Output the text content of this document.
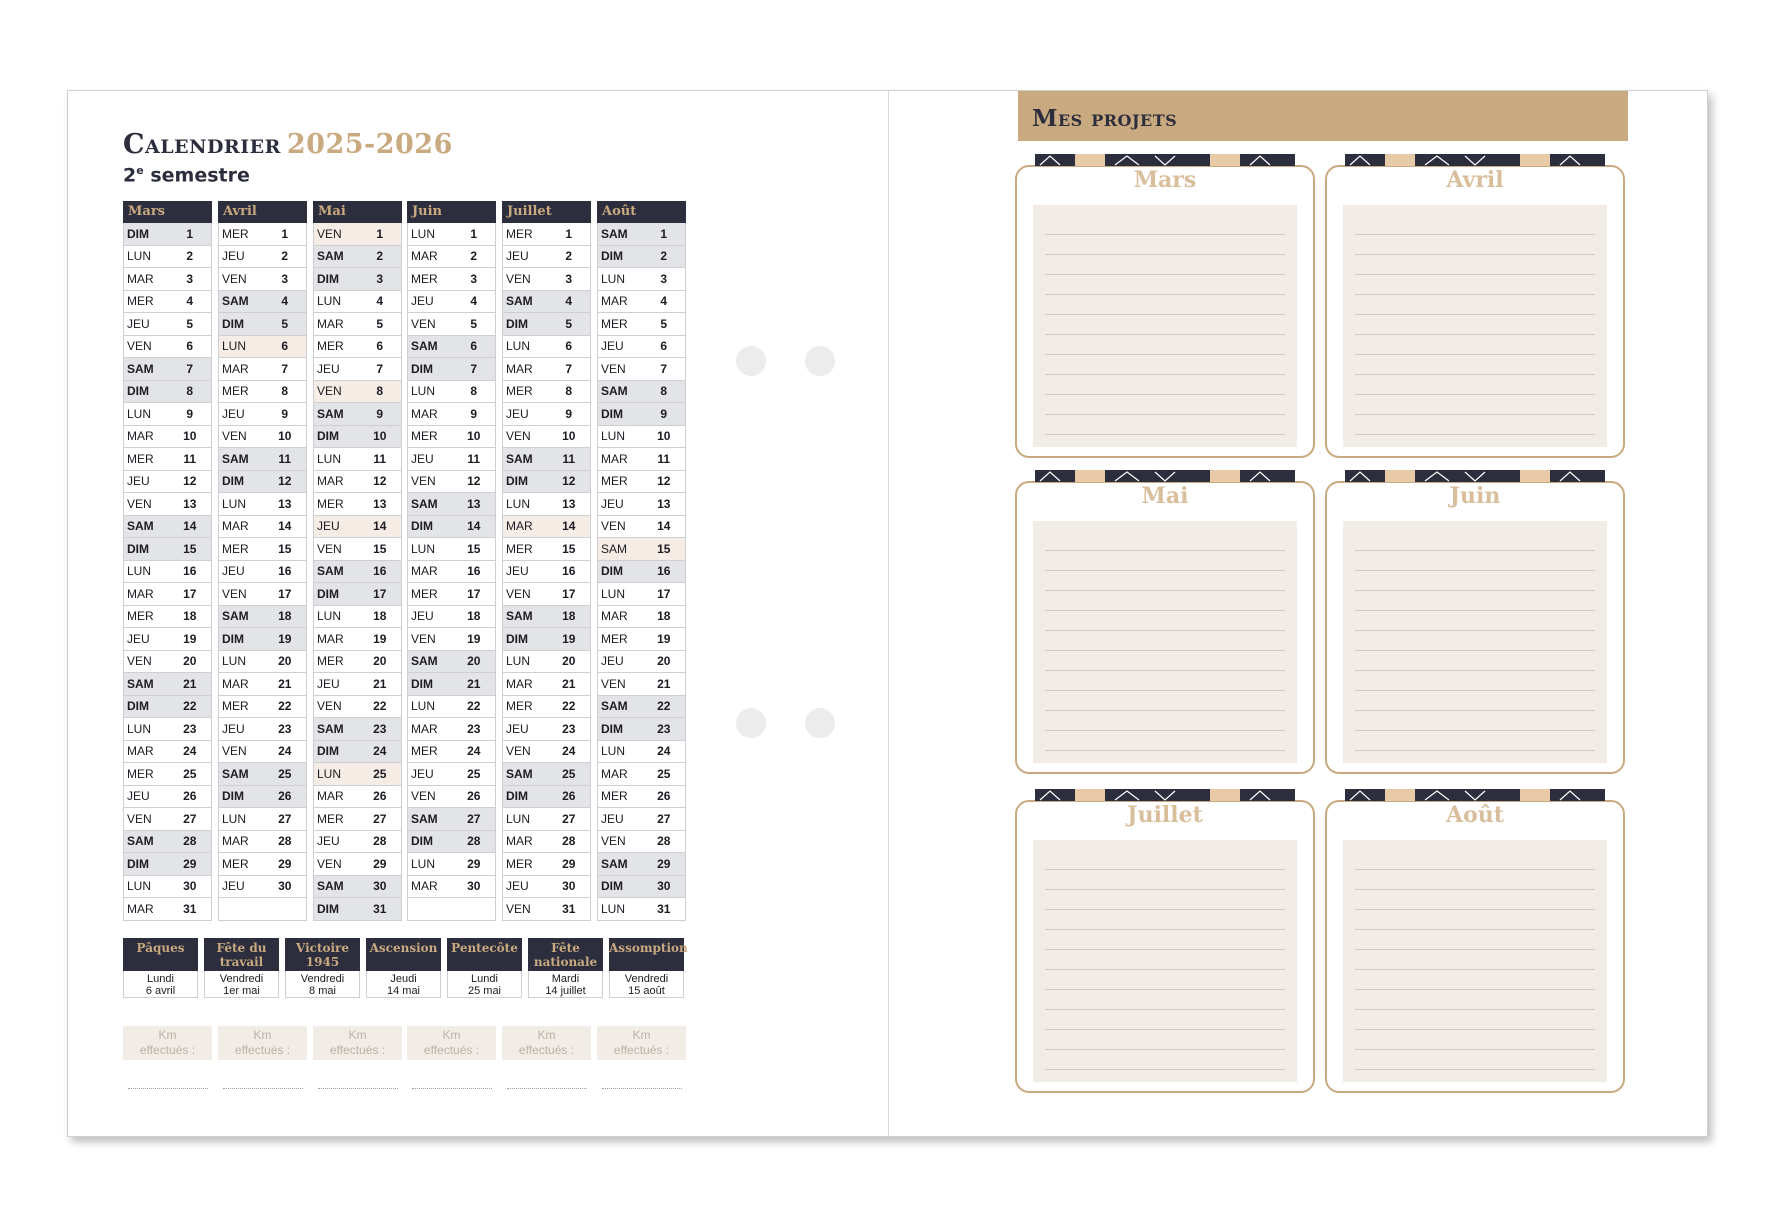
Calendrier 2025-2026
2e semestre
Mars
DIM	1
LUN	2
MAR	3
MER	4
JEU	5
VEN	6
SAM	7
DIM	8
LUN	9
MAR	10
MER	11
JEU	12
VEN	13
SAM	14
DIM	15
LUN	16
MAR	17
MER	18
JEU	19
VEN	20
SAM	21
DIM	22
LUN	23
MAR	24
MER	25
JEU	26
VEN	27
SAM	28
DIM	29
LUN	30
MAR	31
Avril
MER	1
JEU	2
VEN	3
SAM	4
DIM	5
LUN	6
MAR	7
MER	8
JEU	9
VEN	10
SAM	11
DIM	12
LUN	13
MAR	14
MER	15
JEU	16
VEN	17
SAM	18
DIM	19
LUN	20
MAR	21
MER	22
JEU	23
VEN	24
SAM	25
DIM	26
LUN	27
MAR	28
MER	29
JEU	30
Mai
VEN	1
SAM	2
DIM	3
LUN	4
MAR	5
MER	6
JEU	7
VEN	8
SAM	9
DIM	10
LUN	11
MAR	12
MER	13
JEU	14
VEN	15
SAM	16
DIM	17
LUN	18
MAR	19
MER	20
JEU	21
VEN	22
SAM	23
DIM	24
LUN	25
MAR	26
MER	27
JEU	28
VEN	29
SAM	30
DIM	31
Juin
LUN	1
MAR	2
MER	3
JEU	4
VEN	5
SAM	6
DIM	7
LUN	8
MAR	9
MER	10
JEU	11
VEN	12
SAM	13
DIM	14
LUN	15
MAR	16
MER	17
JEU	18
VEN	19
SAM	20
DIM	21
LUN	22
MAR	23
MER	24
JEU	25
VEN	26
SAM	27
DIM	28
LUN	29
MAR	30
Juillet
MER	1
JEU	2
VEN	3
SAM	4
DIM	5
LUN	6
MAR	7
MER	8
JEU	9
VEN	10
SAM	11
DIM	12
LUN	13
MAR	14
MER	15
JEU	16
VEN	17
SAM	18
DIM	19
LUN	20
MAR	21
MER	22
JEU	23
VEN	24
SAM	25
DIM	26
LUN	27
MAR	28
MER	29
JEU	30
VEN	31
Août
SAM	1
DIM	2
LUN	3
MAR	4
MER	5
JEU	6
VEN	7
SAM	8
DIM	9
LUN	10
MAR	11
MER	12
JEU	13
VEN	14
SAM	15
DIM	16
LUN	17
MAR	18
MER	19
JEU	20
VEN	21
SAM	22
DIM	23
LUN	24
MAR	25
MER	26
JEU	27
VEN	28
SAM	29
DIM	30
LUN	31
Pâques
Lundi
6 avril
Fête du travail
Vendredi
1er mai
Victoire 1945
Vendredi
8 mai
Ascension
Jeudi
14 mai
Pentecôte
Lundi
25 mai
Fête nationale
Mardi
14 juillet
Assomption
Vendredi
15 août
Km
effectués :
Km
effectués :
Km
effectués :
Km
effectués :
Km
effectués :
Km
effectués :
Mes projets
Mars	Avril
Mai	Juin
Juillet	Août
